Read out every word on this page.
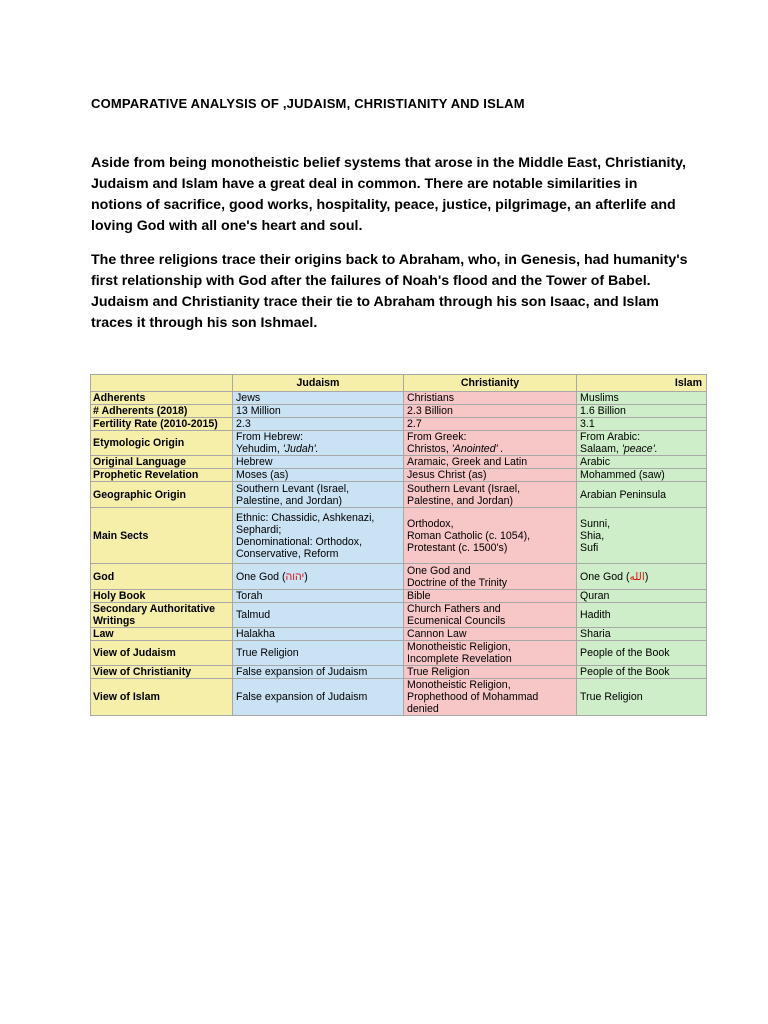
COMPARATIVE ANALYSIS OF ,JUDAISM, CHRISTIANITY AND ISLAM

Aside from being monotheistic belief systems that arose in the Middle East, Christianity, Judaism and Islam have a great deal in common. There are notable similarities in notions of sacrifice, good works, hospitality, peace, justice, pilgrimage, an afterlife and loving God with all one's heart and soul.

The three religions trace their origins back to Abraham, who, in Genesis, had humanity's first relationship with God after the failures of Noah's flood and the Tower of Babel. Judaism and Christianity trace their tie to Abraham through his son Isaac, and Islam traces it through his son Ishmael.

	Judaism	Christianity	Islam
Adherents	Jews	Christians	Muslims
# Adherents (2018)	13 Million	2.3 Billion	1.6 Billion
Fertility Rate (2010-2015)	2.3	2.7	3.1
Etymologic Origin	From Hebrew:
Yehudim, 'Judah'.	From Greek:
Christos, 'Anointed' .	From Arabic:
Salaam, 'peace'.
Original Language	Hebrew	Aramaic, Greek and Latin	Arabic
Prophetic Revelation	Moses (as)	Jesus Christ (as)	Mohammed (saw)
Geographic Origin	Southern Levant (Israel,
Palestine, and Jordan)	Southern Levant (Israel,
Palestine, and Jordan)	Arabian Peninsula
Main Sects	Ethnic: Chassidic, Ashkenazi,
Sephardi;
Denominational: Orthodox,
Conservative, Reform	Orthodox,
Roman Catholic (c. 1054),
Protestant (c. 1500's)	Sunni,
Shia,
Sufi
God	One God (יהוה)	One God and
Doctrine of the Trinity	One God (الله)
Holy Book	Torah	Bible	Quran
Secondary Authoritative
Writings	Talmud	Church Fathers and
Ecumenical Councils	Hadith
Law	Halakha	Cannon Law	Sharia
View of Judaism	True Religion	Monotheistic Religion,
Incomplete Revelation	People of the Book
View of Christianity	False expansion of Judaism	True Religion	People of the Book
View of Islam	False expansion of Judaism	Monotheistic Religion,
Prophethood of Mohammad
denied	True Religion
